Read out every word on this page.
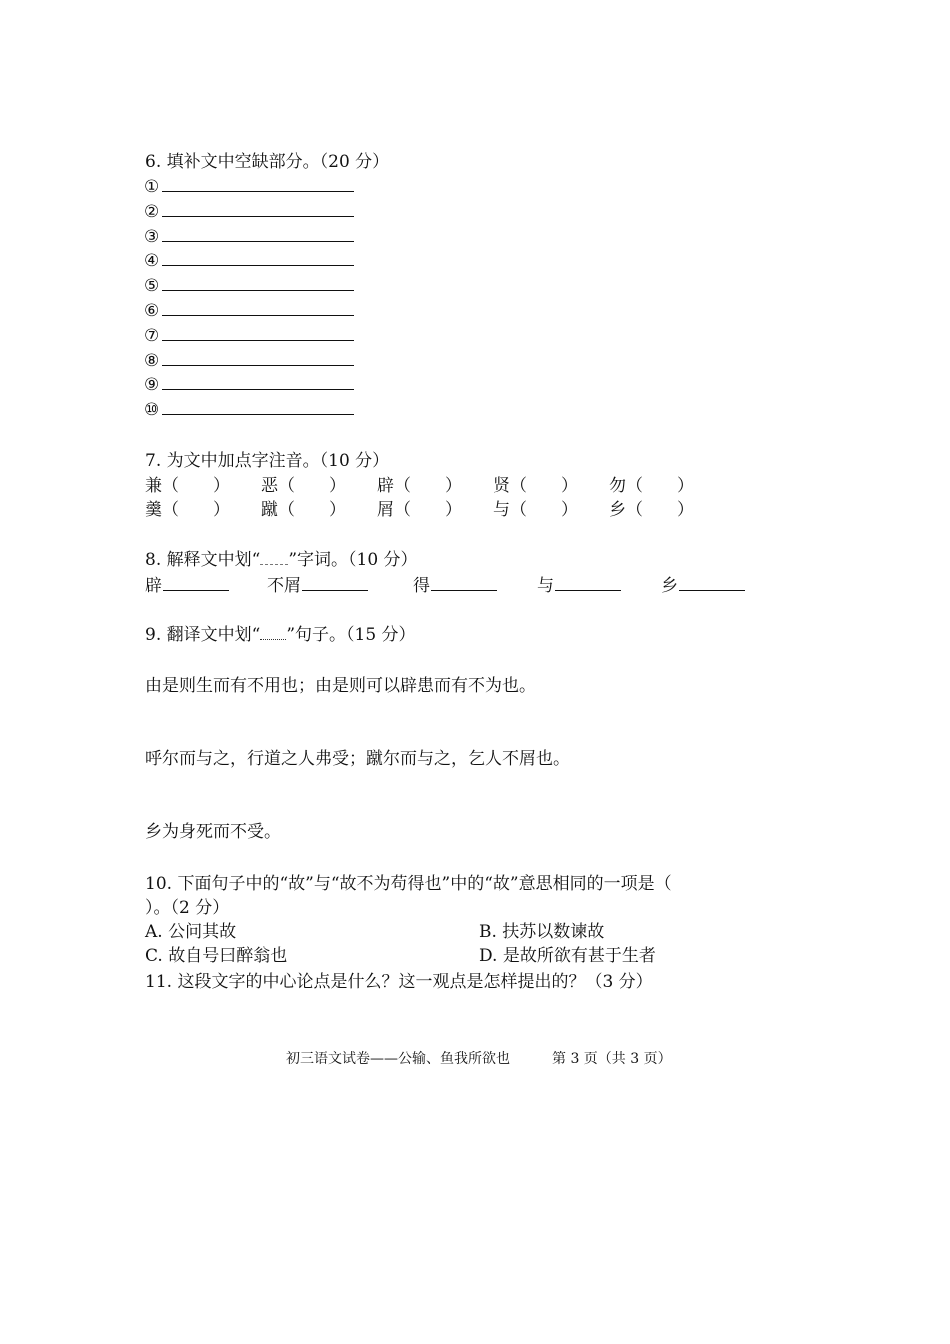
6. 填补文中空缺部分。（20 分）
①
②
③
④
⑤
⑥
⑦
⑧
⑨
⑩
7. 为文中加点字注音。（10 分）
兼（　　） 恶（　　） 辟（　　） 贤（　　） 勿（　　）
羹（　　） 蹴（　　） 屑（　　） 与（　　） 乡（　　）
8. 解释文中划“ ”字词。（10 分）
辟	不屑	得	与	乡
9. 翻译文中划“ ”句子。（15 分）
由是则生而有不用也；由是则可以辟患而有不为也。
呼尔而与之，行道之人弗受；蹴尔而与之，乞人不屑也。
乡为身死而不受。
10. 下面句子中的“故”与“故不为苟得也”中的“故”意思相同的一项是（
）。（2 分）
A. 公问其故	B. 扶苏以数谏故
C. 故自号曰醉翁也	D. 是故所欲有甚于生者
11. 这段文字的中心论点是什么？这一观点是怎样提出的？（3 分）
初三语文试卷——公输、鱼我所欲也	第 3 页（共 3 页）
